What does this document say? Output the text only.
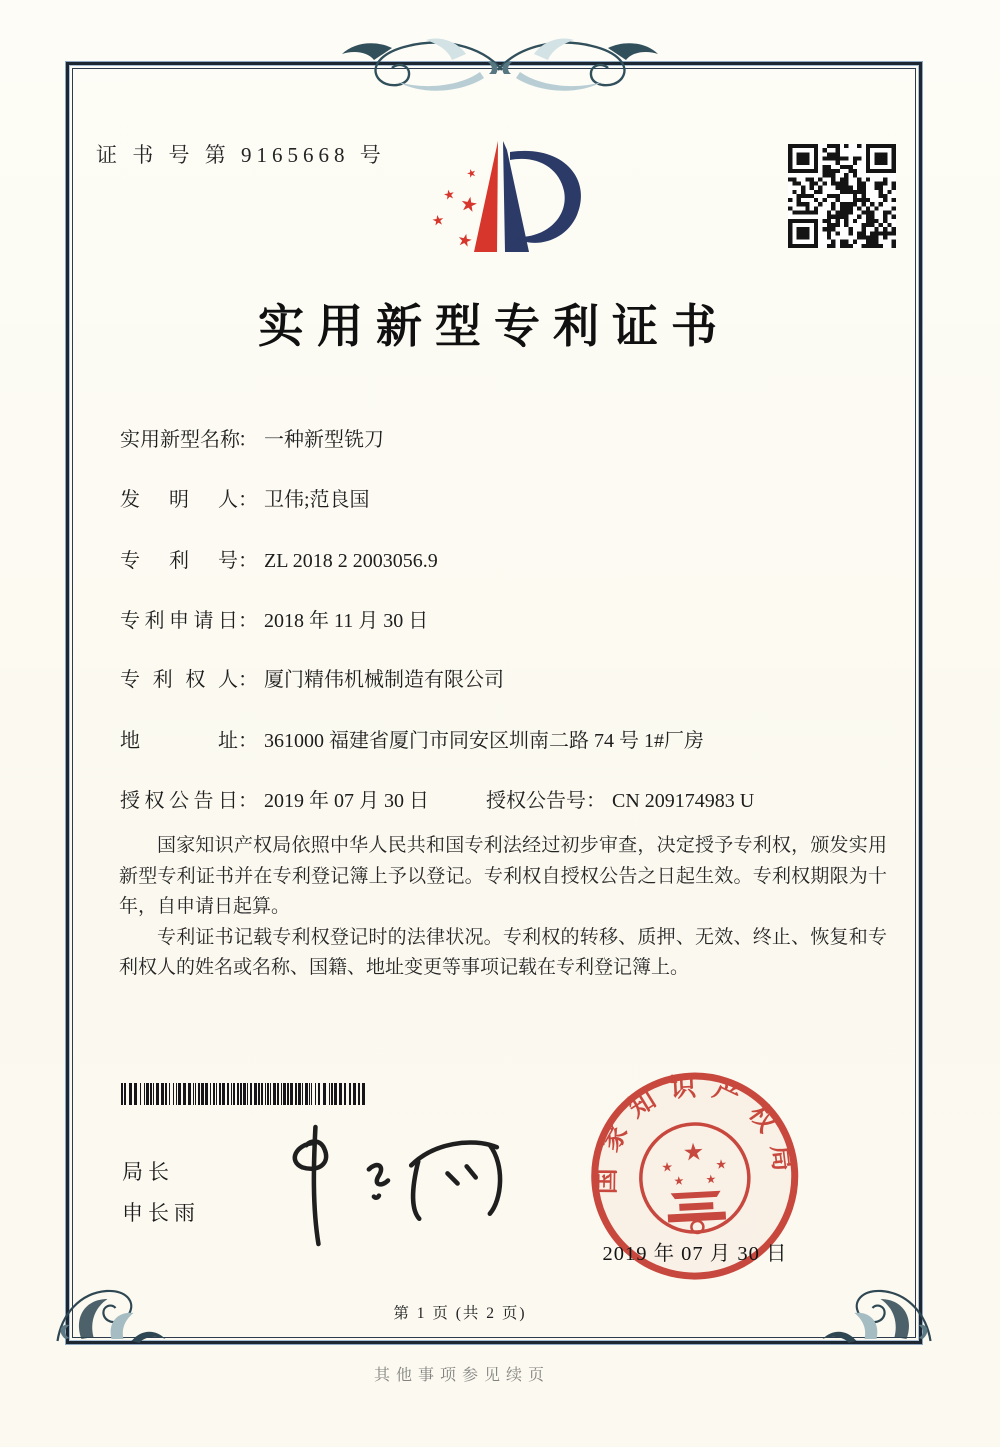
证 书 号 第 9165668 号
★
★ ★
★
★
实用新型专利证书
实用新型名称： 一种新型铣刀
发明人： 卫伟;范良国
专利号： ZL 2018 2 2003056.9
专利申请日： 2018 年 11 月 30 日
专利权人： 厦门精伟机械制造有限公司
地址： 361000 福建省厦门市同安区圳南二路 74 号 1#厂房
授权公告日： 2019 年 07 月 30 日	授权公告号： CN 209174983 U

国家知识产权局依照中华人民共和国专利法经过初步审查，决定授予专利权，颁发实用新型专利证书并在专利登记簿上予以登记。专利权自授权公告之日起生效。专利权期限为十年，自申请日起算。

专利证书记载专利权登记时的法律状况。专利权的转移、质押、无效、终止、恢复和专利权人的姓名或名称、国籍、地址变更等事项记载在专利登记簿上。

局长
申长雨
国家知识产权局
★
★	★
★ ★
2019 年 07 月 30 日
第 1 页 (共 2 页)
其他事项参见续页
